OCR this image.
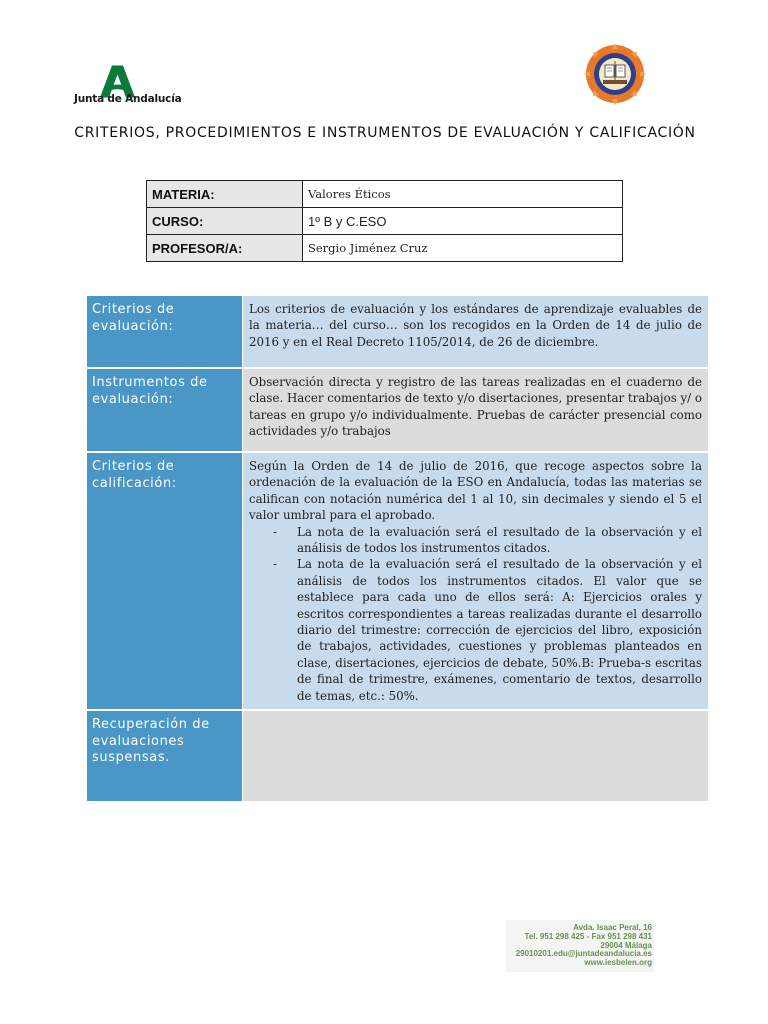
Junta de Andalucía
CRITERIOS, PROCEDIMIENTOS E INSTRUMENTOS DE EVALUACIÓN Y CALIFICACIÓN
MATERIA:	Valores Éticos
CURSO:	1º B y C.ESO
PROFESOR/A:	Sergio Jiménez Cruz
Criterios de evaluación:

Los criterios de evaluación y los estándares de aprendizaje evaluables de la materia… del curso… son los recogidos en la Orden de 14 de julio de 2016 y en el Real Decreto 1105/2014, de 26 de diciembre.

Instrumentos de evaluación:

Observación directa y registro de las tareas realizadas en el cuaderno de clase. Hacer comentarios de texto y/o disertaciones, presentar trabajos y/ o tareas en grupo y/o individualmente. Pruebas de carácter presencial como actividades y/o trabajos

Criterios de calificación:

Según la Orden de 14 de julio de 2016, que recoge aspectos sobre la ordenación de la evaluación de la ESO en Andalucía, todas las materias se califican con notación numérica del 1 al 10, sin decimales y siendo el 5 el valor umbral para el aprobado.

- La nota de la evaluación será el resultado de la observación y el análisis de todos los instrumentos citados.
- La nota de la evaluación será el resultado de la observación y el análisis de todos los instrumentos citados. El valor que se establece para cada uno de ellos será: A: Ejercicios orales y escritos correspondientes a tareas realizadas durante el desarrollo diario del trimestre: corrección de ejercicios del libro, exposición de trabajos, actividades, cuestiones y problemas planteados en clase, disertaciones, ejercicios de debate, 50%.B: Prueba-s escritas de final de trimestre, exámenes, comentario de textos, desarrollo de temas, etc.: 50%.
Recuperación de evaluaciones suspensas.
Avda. Isaac Peral, 16
Tel. 951 298 425 - Fax 951 298 431
29004 Málaga
29010201.edu@juntadeandalucia.es
www.iesbelen.org
